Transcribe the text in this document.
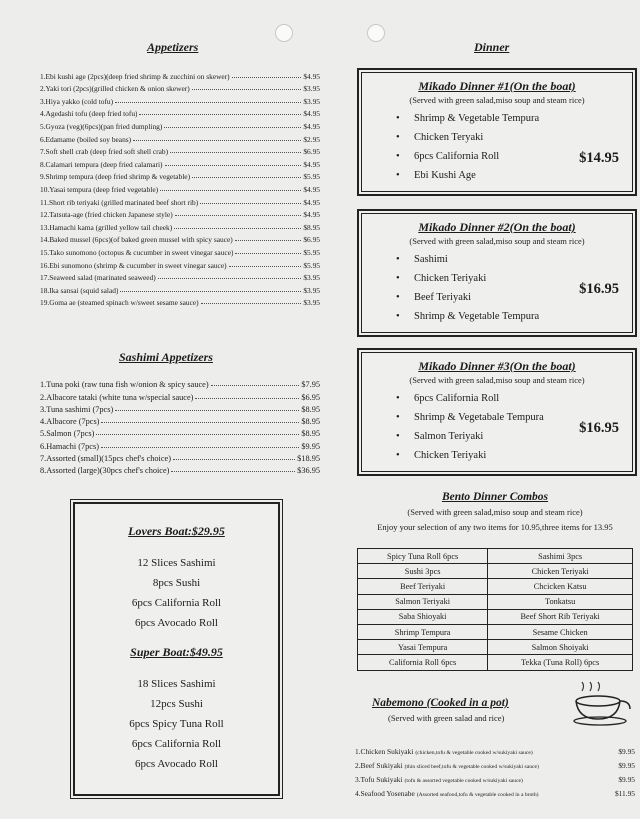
Appetizers
1.Ebi kushi age (2pcs)(deep fried shrimp & zucchini on skewer)	$4.95
2.Yaki tori (2pcs)(grilled chicken & onion skewer)	$3.95
3.Hiya yakko (cold tofu)	$3.95
4.Agedashi tofu (deep fried tofu)	$4.95
5.Gyoza (veg)(6pcs)(pan fried dumpling)	$4.95
6.Edamame (boiled soy beans)	$2.95
7.Soft shell crab (deep fried soft shell crab)	$6.95
8.Calamari tempura (deep fried calamari)	$4.95
9.Shrimp tempura (deep fried shrimp & vegetable)	$5.95
10.Yasai tempura (deep fried vegetable)	$4.95
11.Short rib teriyaki (grilled marinated beef short rib)	$4.95
12.Tatsuta-age (fried chicken Japanese style)	$4.95
13.Hamachi kama (grilled yellow tail cheek)	$8.95
14.Baked mussel (6pcs)(of baked green mussel with spicy sauce)	$6.95
15.Tako sunomono (octopus & cucumber in sweet vinegar sauce)	$5.95
16.Ebi sunomono (shrimp & cucumber in sweet vinegar sauce)	$5.95
17.Seaweed salad (marinated seaweed)	$3.95
18.Ika sansai (squid salad)	$3.95
19.Goma ae (steamed spinach w/sweet sesame sauce)	$3.95
Sashimi Appetizers
1.Tuna poki (raw tuna fish w/onion & spicy sauce)	$7.95
2.Albacore tataki (white tuna w/special sauce)	$6.95
3.Tuna sashimi (7pcs)	$8.95
4.Albacore (7pcs)	$8.95
5.Salmon (7pcs)	$8.95
6.Hamachi (7pcs)	$9.95
7.Assorted (small)(15pcs chef's choice)	$18.95
8.Assorted (large)(30pcs chef's choice)	$36.95
Lovers Boat:$29.95
12 Slices Sashimi
8pcs Sushi
6pcs California Roll
6pcs Avocado Roll
Super Boat:$49.95
18 Slices Sashimi
12pcs Sushi
6pcs Spicy Tuna Roll
6pcs California Roll
6pcs Avocado Roll
Dinner
Mikado Dinner #1(On the boat)
(Served with green salad,miso soup and steam rice)
• Shrimp & Vegetable Tempura
• Chicken Teryaki
• 6pcs California Roll
• Ebi Kushi Age
$14.95
Mikado Dinner #2(On the boat)
(Served with green salad,miso soup and steam rice)
• Sashimi
• Chicken Teriyaki
• Beef Teriyaki
• Shrimp & Vegetable Tempura
$16.95
Mikado Dinner #3(On the boat)
(Served with green salad,miso soup and steam rice)
• 6pcs California Roll
• Shrimp & Vegetabale Tempura
• Salmon Teriyaki
• Chicken Teriyaki
$16.95
Bento Dinner Combos
(Served with green salad,miso soup and steam rice)
Enjoy your selection of any two items for 10.95,three items for 13.95
Spicy Tuna Roll 6pcs	Sashimi 3pcs
Sushi 3pcs	Chicken Teriyaki
Beef Teriyaki	Chcicken Katsu
Salmon Teriyaki	Tonkatsu
Saba Shioyaki	Beef Short Rib Teriyaki
Shrimp Tempura	Sesame Chicken
Yasai Tempura	Salmon Shoiyaki
California Roll 6pcs	Tekka (Tuna Roll) 6pcs
Nabemono (Cooked in a pot)
(Served with green salad and rice)
1.Chicken Sukiyaki (chicken,tofu & vegetable cooked w/sukiyaki sauce)	$9.95
2.Beef Sukiyaki (thin sliced beef,tofu & vegetable cooked w/sukiyaki sauce)	$9.95
3.Tofu Sukiyaki (tofu & assorted vegetable cooked w/sukiyaki sauce)	$9.95
4.Seafood Yosenabe (Assorted seafood,tofu & vegetable cooked in a broth)	$11.95
